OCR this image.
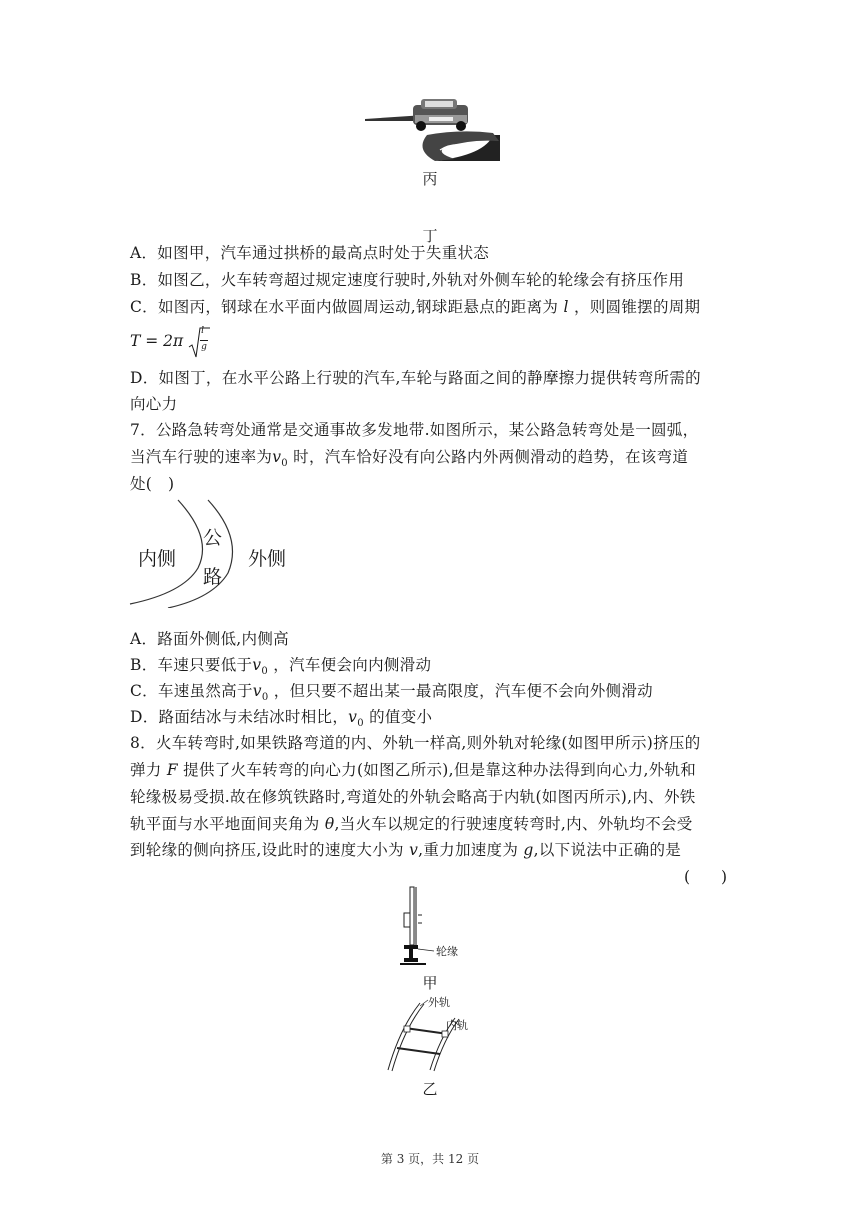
丙
丁
A．如图甲，汽车通过拱桥的最高点时处于失重状态
B．如图乙，火车转弯超过规定速度行驶时,外轨对外侧车轮的轮缘会有挤压作用
C．如图丙，钢球在水平面内做圆周运动,钢球距悬点的距离为 l ，则圆锥摆的周期
$T = 2\pi \frac{l}{g}$
D．如图丁，在水平公路上行驶的汽车,车轮与路面之间的静摩擦力提供转弯所需的
向心力
7．公路急转弯处通常是交通事故多发地带.如图所示，某公路急转弯处是一圆弧，
当汽车行驶的速率为$v_0$ 时，汽车恰好没有向公路内外两侧滑动的趋势，在该弯道
处(　)
内侧
公
路
外侧
A．路面外侧低,内侧高
B．车速只要低于$v_0$ ，汽车便会向内侧滑动
C．车速虽然高于$v_0$ ，但只要不超出某一最高限度，汽车便不会向外侧滑动
D．路面结冰与未结冰时相比，$v_0$ 的值变小
8．火车转弯时,如果铁路弯道的内、外轨一样高,则外轨对轮缘(如图甲所示)挤压的
弹力 F 提供了火车转弯的向心力(如图乙所示),但是靠这种办法得到向心力,外轨和
轮缘极易受损.故在修筑铁路时,弯道处的外轨会略高于内轨(如图丙所示),内、外铁
轨平面与水平地面间夹角为 θ,当火车以规定的行驶速度转弯时,内、外轨均不会受
到轮缘的侧向挤压,设此时的速度大小为 v,重力加速度为 g,以下说法中正确的是
(　　)
轮缘
甲
外轨
内轨
乙
第 3 页，共 12 页
